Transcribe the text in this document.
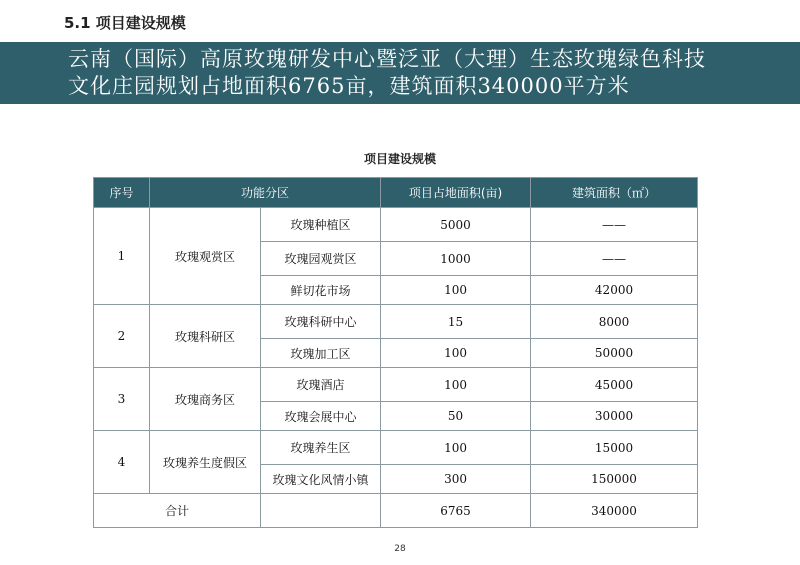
5.1 项目建设规模
云南（国际）高原玫瑰研发中心暨泛亚（大理）生态玫瑰绿色科技
文化庄园规划占地面积6765亩，建筑面积340000平方米
项目建设规模
序号	功能分区		项目占地面积(亩)	建筑面积（㎡）
1	玫瑰观赏区	玫瑰种植区	5000	——
		玫瑰园观赏区	1000	——
		鲜切花市场	100	42000
2	玫瑰科研区	玫瑰科研中心	15	8000
		玫瑰加工区	100	50000
3	玫瑰商务区	玫瑰酒店	100	45000
		玫瑰会展中心	50	30000
4	玫瑰养生度假区	玫瑰养生区	100	15000
		玫瑰文化风情小镇	300	150000
合计			6765	340000
28
